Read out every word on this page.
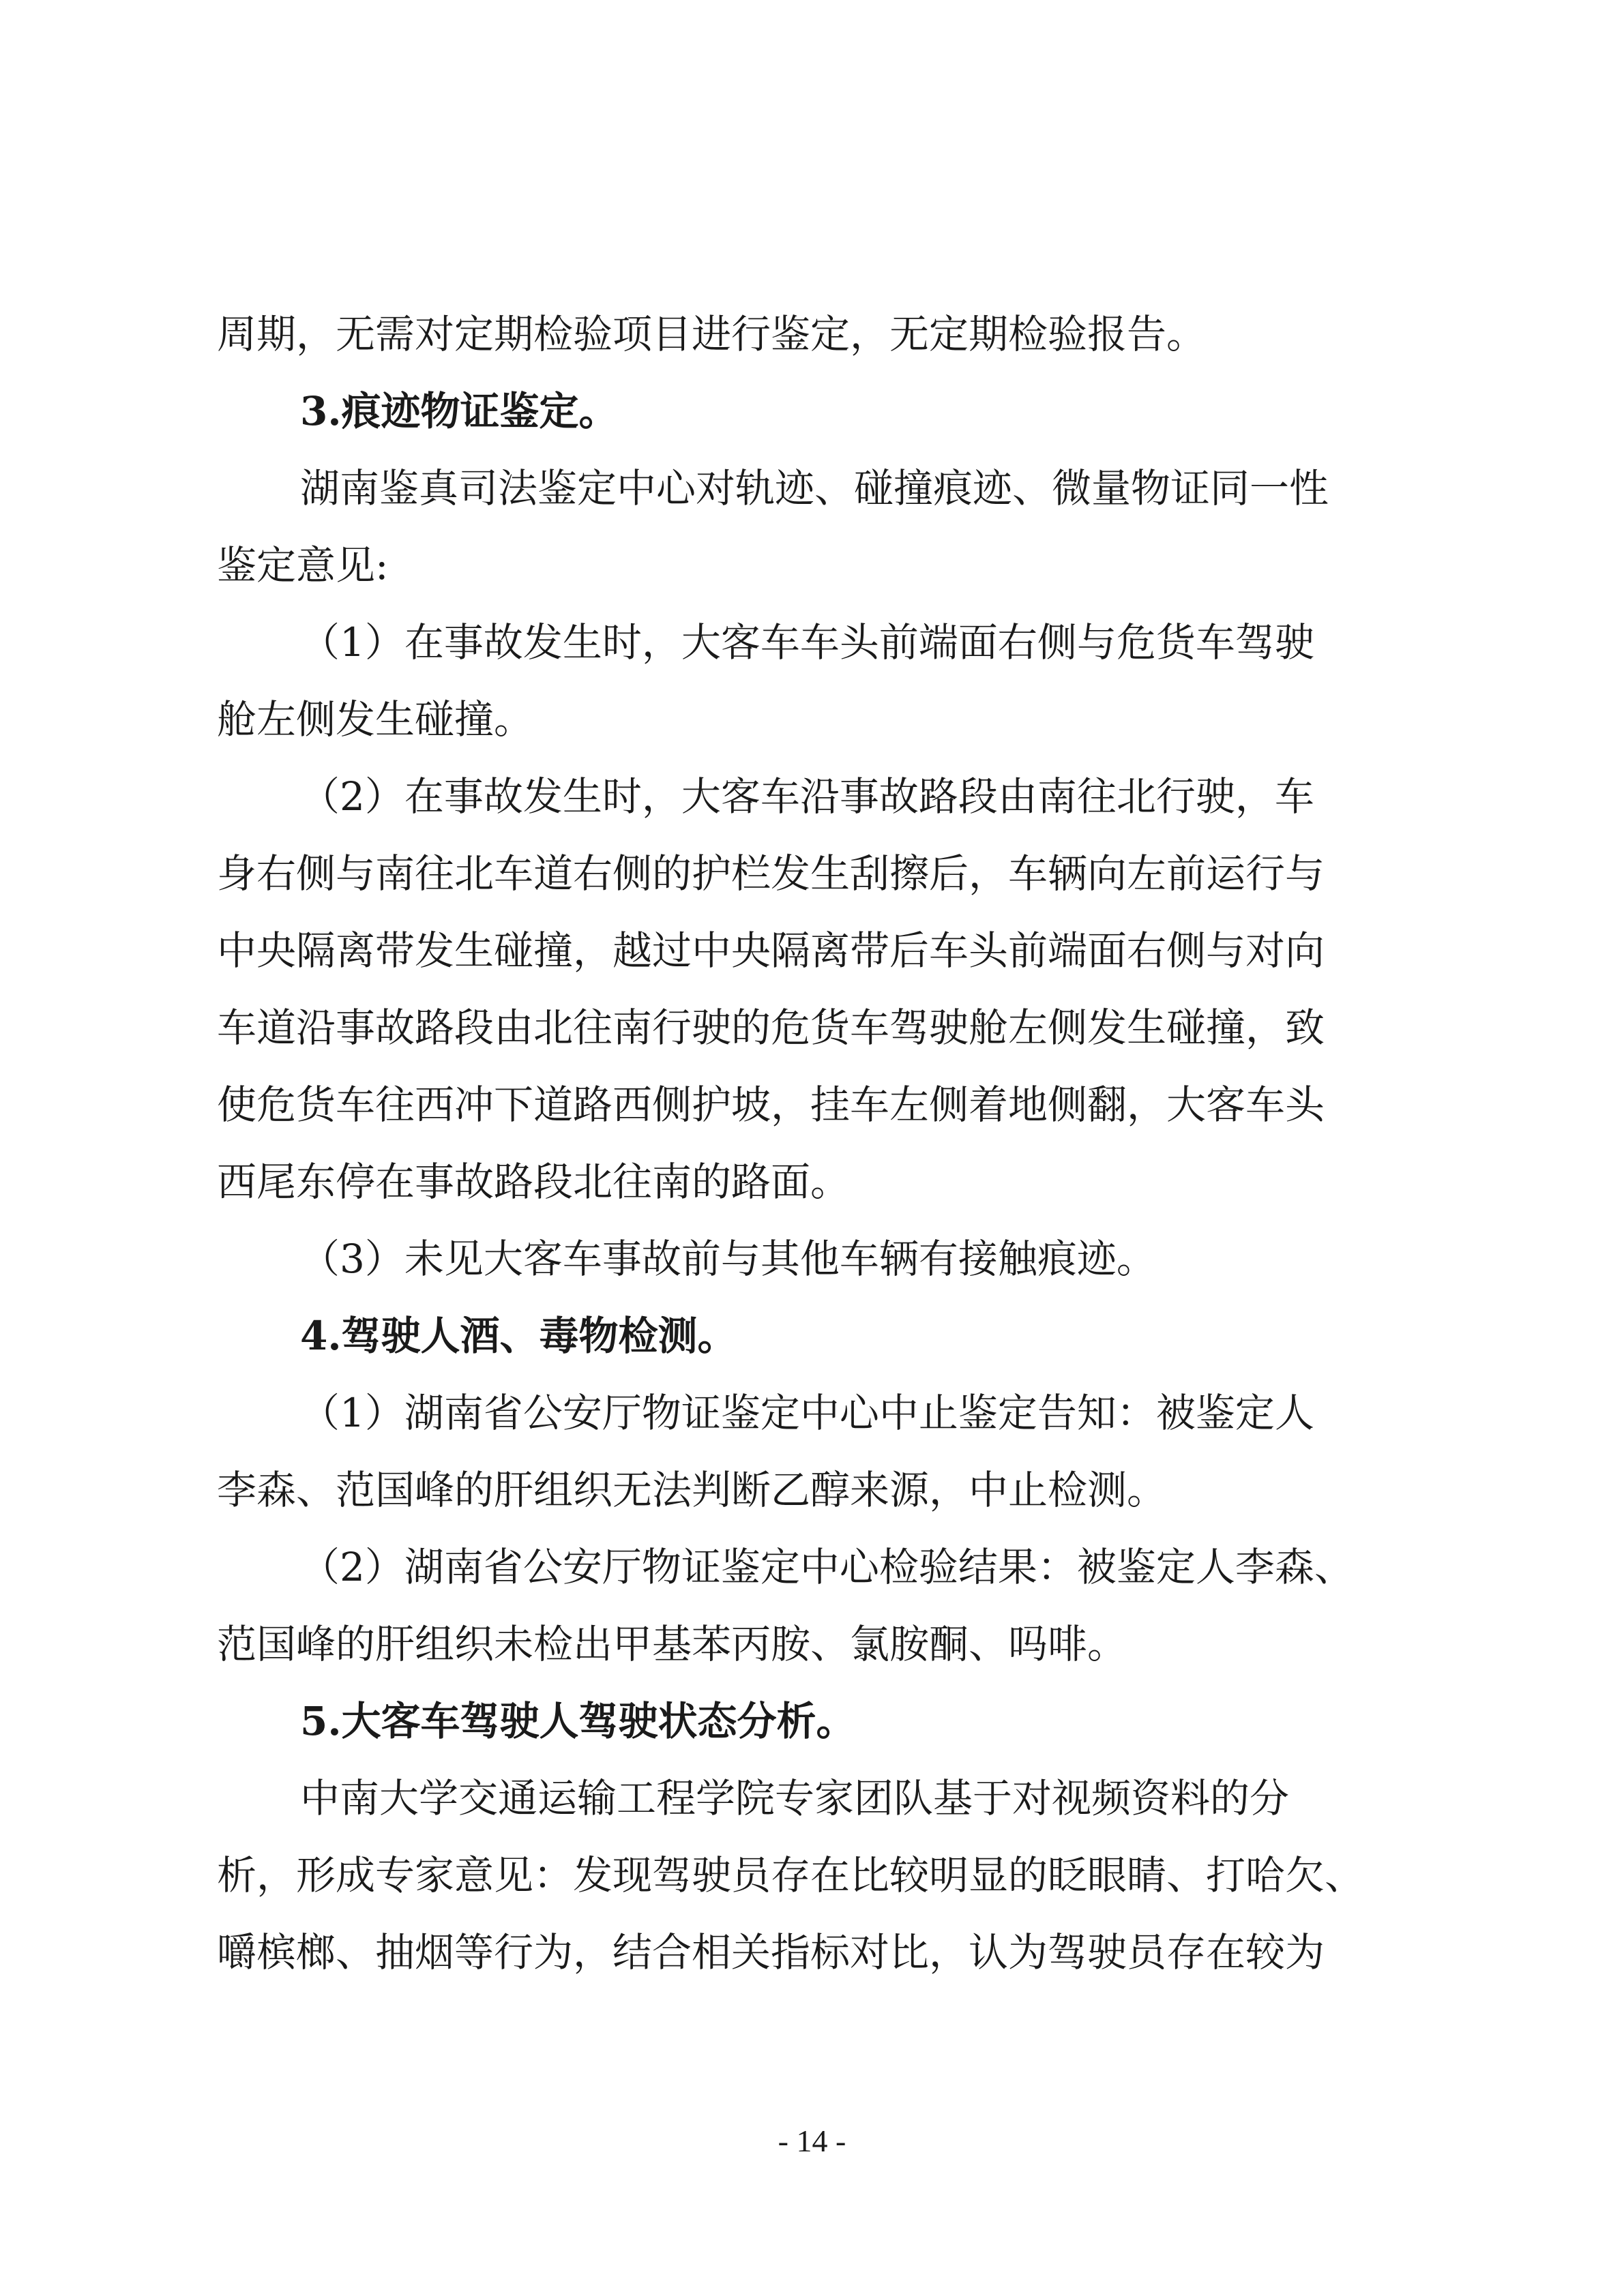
周期，无需对定期检验项目进行鉴定，无定期检验报告。
3.痕迹物证鉴定。
湖南鉴真司法鉴定中心对轨迹、碰撞痕迹、微量物证同一性
鉴定意见:
（1）在事故发生时，大客车车头前端面右侧与危货车驾驶
舱左侧发生碰撞。
（2）在事故发生时，大客车沿事故路段由南往北行驶，车
身右侧与南往北车道右侧的护栏发生刮擦后，车辆向左前运行与
中央隔离带发生碰撞，越过中央隔离带后车头前端面右侧与对向
车道沿事故路段由北往南行驶的危货车驾驶舱左侧发生碰撞，致
使危货车往西冲下道路西侧护坡，挂车左侧着地侧翻，大客车头
西尾东停在事故路段北往南的路面。
（3）未见大客车事故前与其他车辆有接触痕迹。
4.驾驶人酒、毒物检测。
（1）湖南省公安厅物证鉴定中心中止鉴定告知：被鉴定人
李森、范国峰的肝组织无法判断乙醇来源，中止检测。
（2）湖南省公安厅物证鉴定中心检验结果：被鉴定人李森、
范国峰的肝组织未检出甲基苯丙胺、氯胺酮、吗啡。
5.大客车驾驶人驾驶状态分析。
中南大学交通运输工程学院专家团队基于对视频资料的分
析，形成专家意见：发现驾驶员存在比较明显的眨眼睛、打哈欠、
嚼槟榔、抽烟等行为，结合相关指标对比，认为驾驶员存在较为
- 14 -
